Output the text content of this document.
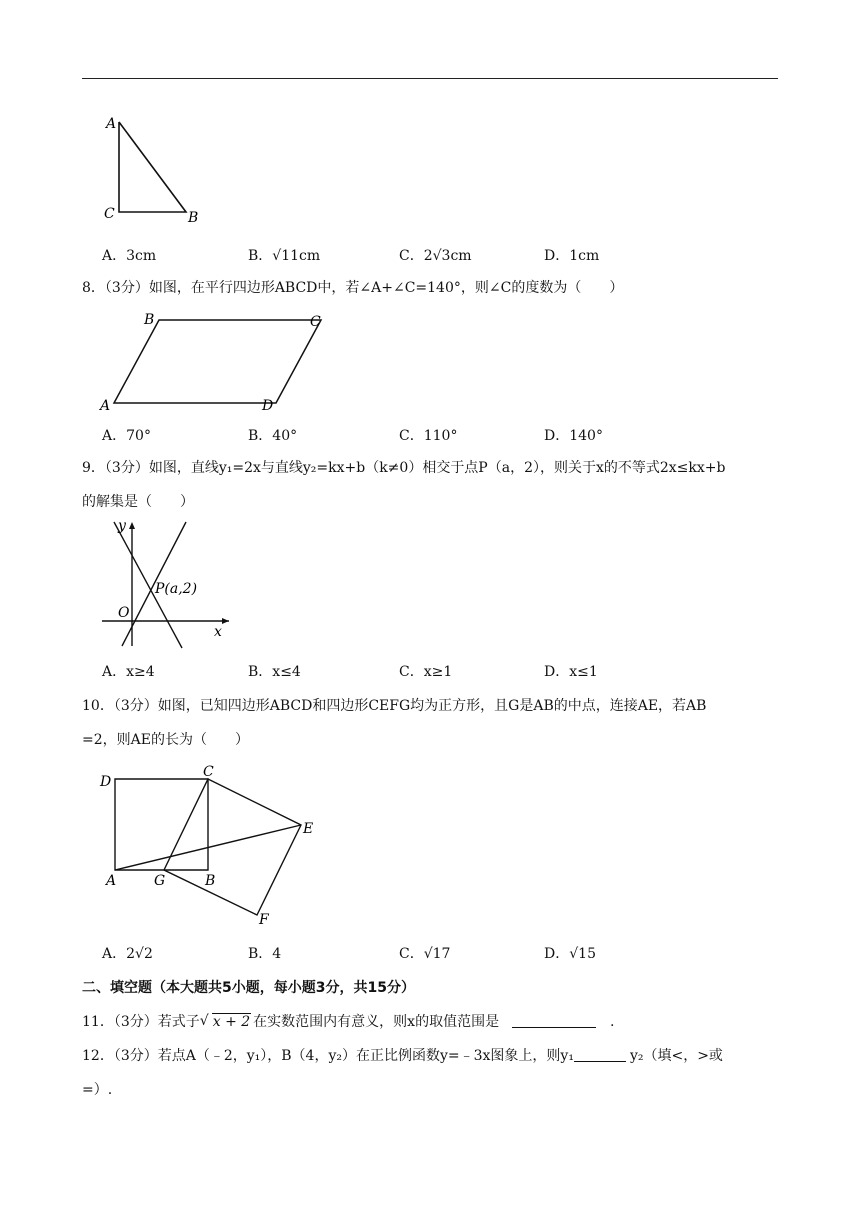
A
C	B
A．3cm	B．√11cm	C．2√3cm	D．1cm
8．（3分）如图，在平行四边形ABCD中，若∠A+∠C=140°，则∠C的度数为（　　）
B	C
A	D
A．70°	B．40°	C．110°	D．140°
9．（3分）如图，直线y₁=2x与直线y₂=kx+b（k≠0）相交于点P（a，2），则关于x的不等式2x≤kx+b
的解集是（　　）
y
x
O
P(a,2)
A．x≥4	B．x≤4	C．x≥1	D．x≤1
10．（3分）如图，已知四边形ABCD和四边形CEFG均为正方形，且G是AB的中点，连接AE，若AB
=2，则AE的长为（　　）
D
C
E
A	G	B
F
A．2√2	B．4	C．√17	D．√15
二、填空题（本大题共5小题，每小题3分，共15分）
11．（3分）若式子 √ x + 2 在实数范围内有意义，则x的取值范围是	.
12．（3分）若点A（﹣2，y₁），B（4，y₂）在正比例函数y=﹣3x图象上，则y₁	y₂（填<，>或
=）.
